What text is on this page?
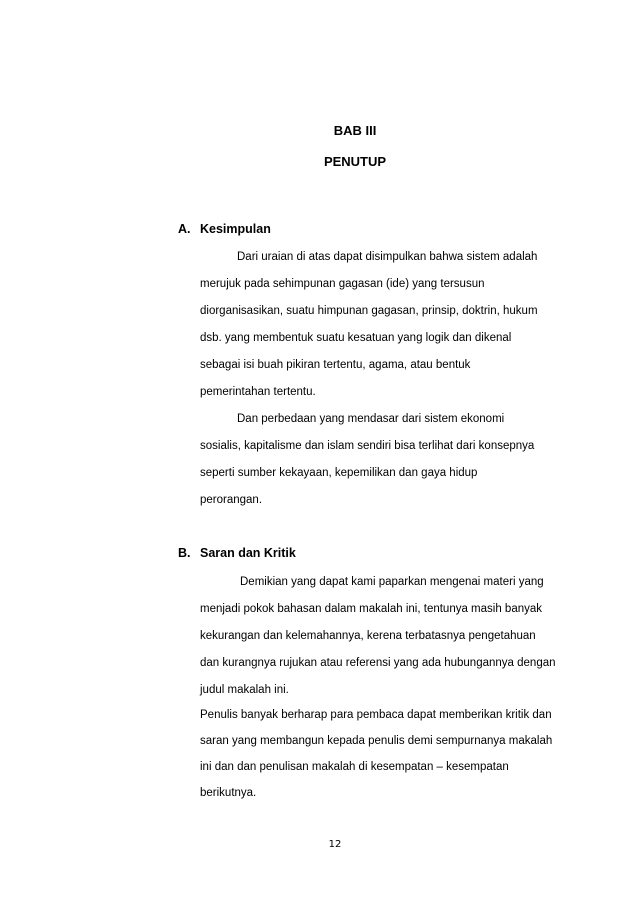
BAB III

PENUTUP

A. Kesimpulan

Dari uraian di atas dapat disimpulkan bahwa sistem adalah

merujuk pada sehimpunan gagasan (ide) yang tersusun

diorganisasikan, suatu himpunan gagasan, prinsip, doktrin, hukum

dsb. yang membentuk suatu kesatuan yang logik dan dikenal

sebagai isi buah pikiran tertentu, agama, atau bentuk

pemerintahan tertentu.

Dan perbedaan yang mendasar dari sistem ekonomi

sosialis, kapitalisme dan islam sendiri bisa terlihat dari konsepnya

seperti sumber kekayaan, kepemilikan dan gaya hidup

perorangan.

B. Saran dan Kritik

Demikian yang dapat kami paparkan mengenai materi yang

menjadi pokok bahasan dalam makalah ini, tentunya masih banyak

kekurangan dan kelemahannya, kerena terbatasnya pengetahuan

dan kurangnya rujukan atau referensi yang ada hubungannya dengan

judul makalah ini.

Penulis banyak berharap para pembaca dapat memberikan kritik dan

saran yang membangun kepada penulis demi sempurnanya makalah

ini dan dan penulisan makalah di kesempatan – kesempatan

berikutnya.

12
